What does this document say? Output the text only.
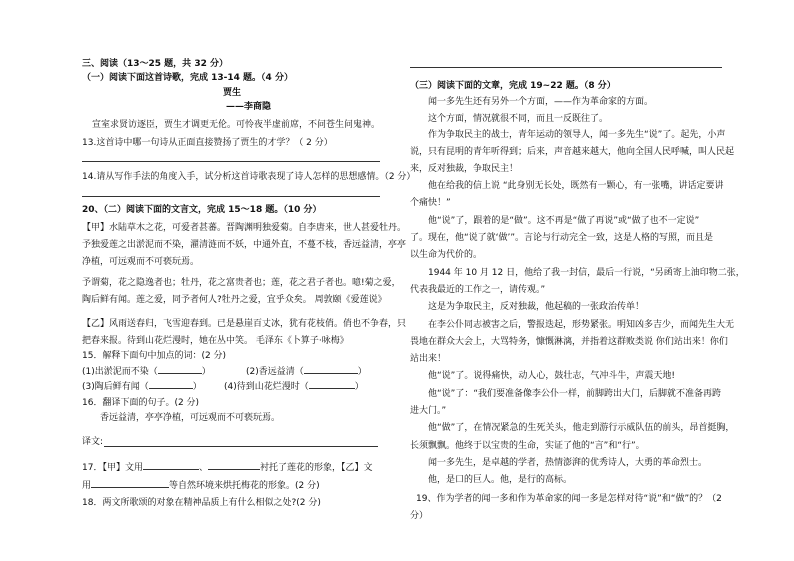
三、阅读（13～25 题，共 32 分）
（一）阅读下面这首诗歌，完成 13-14 题。（4 分）
贾生
——李商隐
宣室求贤访逐臣，贾生才调更无伦。可怜夜半虚前席，不问苍生问鬼神。
13.这首诗中哪一句诗从正面直接赞扬了贾生的才学？（ 2 分）
14.请从写作手法的角度入手，试分析这首诗歌表现了诗人怎样的思想感情。（2 分）
20、（二）阅读下面的文言文，完成 15～18 题。（10 分）
【甲】水陆草木之花，可爱者甚蕃。晋陶渊明独爱菊。自李唐来，世人甚爱牡丹。
予独爱莲之出淤泥而不染，濯清涟而不妖，中通外直，不蔓不枝，香远益清，亭亭
净植，可远观而不可亵玩焉。
予谓菊，花之隐逸者也；牡丹，花之富贵者也；莲，花之君子者也。噫!菊之爱，
陶后鲜有闻。莲之爱，同予者何人?牡丹之爱，宜乎众矣。 周敦颐《爱莲说》
【乙】风雨送春归，飞雪迎春到。已是悬崖百丈冰，犹有花枝俏。俏也不争春，只
把春来报。待到山花烂漫时，她在丛中笑。 毛泽东《卜算子·咏梅》
15．解释下面句中加点的词：(2 分)
(1)出淤泥而不染（	）	(2)香远益清（	）
(3)陶后鲜有闻（	） (4)待到山花烂漫时（	）
16．翻译下面的句子。(2 分)
香远益清，亭亭净植，可远观而不可亵玩焉。
译文:
17．【甲】文用	、	衬托了莲花的形象，【乙】文
用	等自然环境来烘托梅花的形象。(2 分)
18．两文所歌颂的对象在精神品质上有什么相似之处?(2 分)
（三）阅读下面的文章，完成 19~22 题。（8 分）
闻一多先生还有另外一个方面，——作为革命家的方面。
这个方面，情况就很不同，而且一反既往了。
作为争取民主的战士，青年运动的领导人，闻一多先生“说”了。起先，小声
说，只有昆明的青年听得到；后来，声音越来越大，他向全国人民呼喊，叫人民起
来，反对独裁，争取民主！
他在给我的信上说 “此身别无长处，既然有一颗心，有一张嘴，讲话定要讲
个痛快！”
他“说”了，跟着的是“做”。这不再是“做了再说”或“做了也不一定说”
了。现在，他“说了就‘做’”。言论与行动完全一致，这是人格的写照，而且是
以生命为代价的。
1944 年 10 月 12 日，他给了我一封信，最后一行说，“另函寄上油印物二张，
代表我最近的工作之一，请传观。”
这是为争取民主，反对独裁，他起稿的一张政治传单！
在李公仆同志被害之后，警报迭起，形势紧张。明知凶多吉少，而闻先生大无
畏地在群众大会上，大骂特务，慷慨淋漓，并指着这群败类说 你们站出来！你们
站出来！
他“说”了。说得痛快，动人心，鼓壮志，气冲斗牛，声震天地!
他“说”了：“我们要准备像李公仆一样，前脚跨出大门，后脚就不准备再跨
进大门。”
他“做”了，在情况紧急的生死关头，他走到游行示威队伍的前头，昂首挺胸，
长须飘飘。他终于以宝贵的生命，实证了他的“言”和“行”。
闻一多先生，是卓越的学者，热情澎湃的优秀诗人，大勇的革命烈士。
他，是口的巨人。他，是行的高标。
19、作为学者的闻一多和作为革命家的闻一多是怎样对待“说”和“做”的？（2
分）
